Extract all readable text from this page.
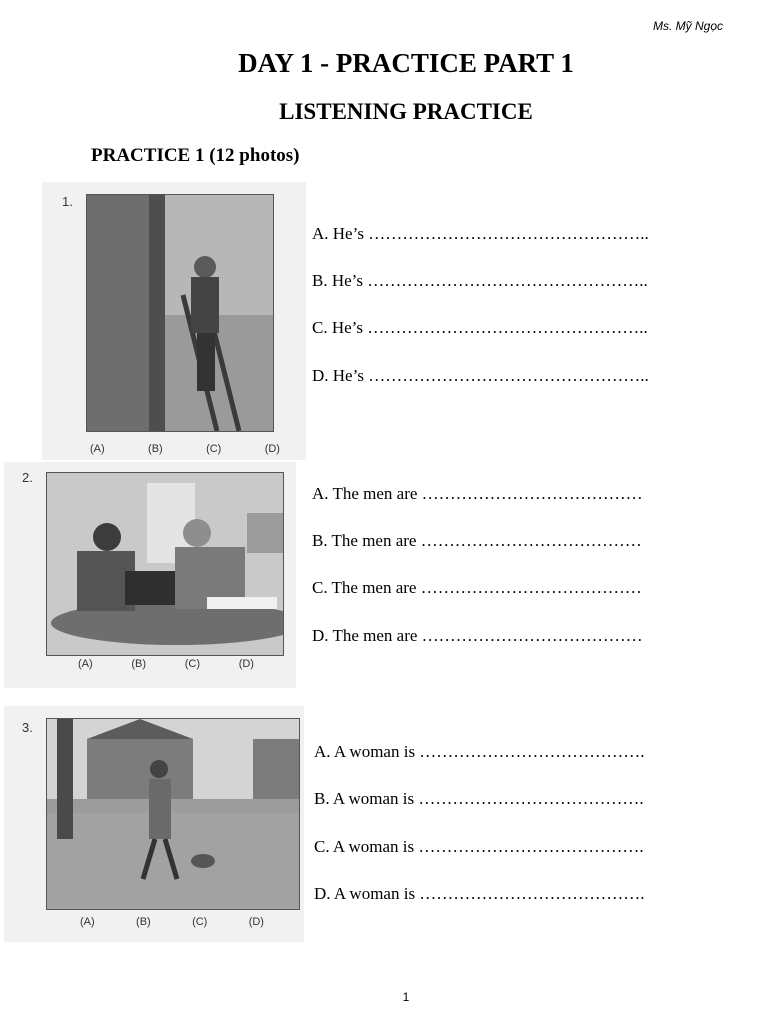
Ms. Mỹ Ngọc
DAY 1 - PRACTICE PART 1
LISTENING PRACTICE
PRACTICE 1 (12 photos)
1.
(A)	(B)	(C)	(D)
A. He’s …………………………………………..
B. He’s …………………………………………..
C. He’s …………………………………………..
D. He’s …………………………………………..
2.
(A)	(B)	(C)	(D)
A. The men are …………………………………
B. The men are …………………………………
C. The men are …………………………………
D. The men are …………………………………
3.
(A)	(B)	(C)	(D)
A. A woman is ………………………………….
B. A woman is ………………………………….
C. A woman is ………………………………….
D. A woman is ………………………………….
1
